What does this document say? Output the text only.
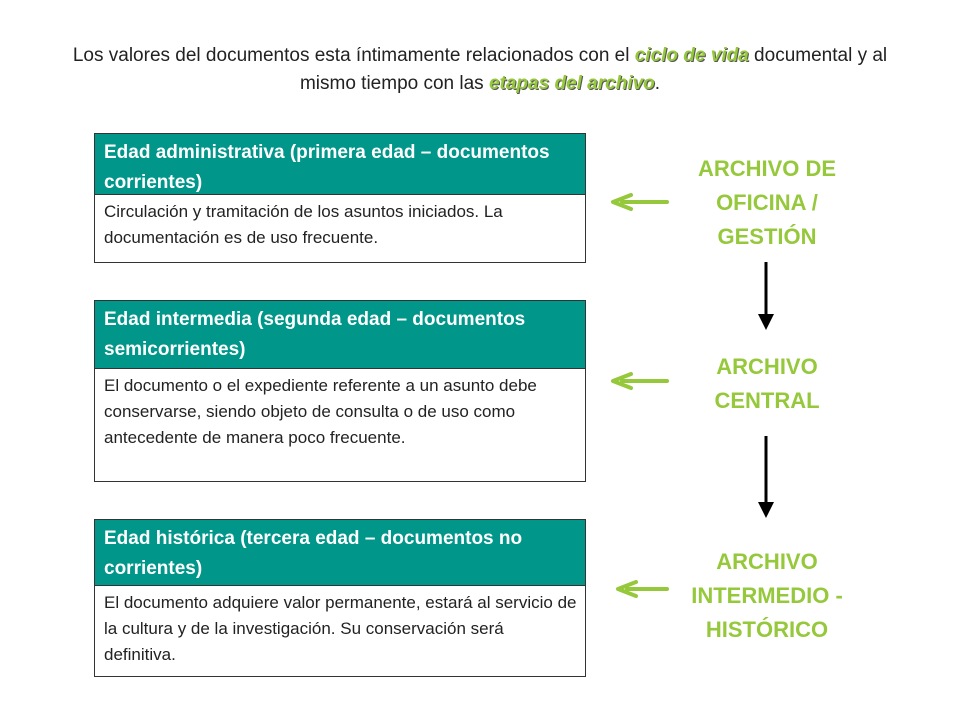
Los valores del documentos esta íntimamente relacionados con el ciclo de vida documental y al mismo tiempo con las etapas del archivo.
Edad administrativa (primera edad – documentos corrientes)
Circulación y tramitación de los asuntos iniciados. La documentación es de uso frecuente.
Edad intermedia (segunda edad – documentos semicorrientes)
El documento o el expediente referente a un asunto debe conservarse, siendo objeto de consulta o de uso como antecedente de manera poco frecuente.
Edad histórica (tercera edad – documentos no corrientes)
El documento adquiere valor permanente, estará al servicio de la cultura y de la investigación. Su conservación será definitiva.
ARCHIVO DE OFICINA / GESTIÓN
ARCHIVO CENTRAL
ARCHIVO INTERMEDIO - HISTÓRICO
